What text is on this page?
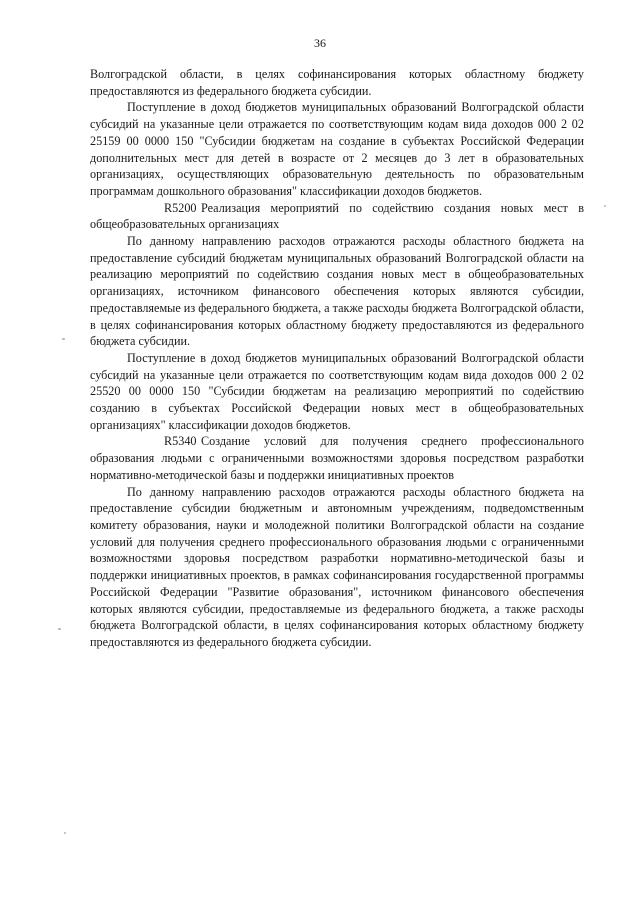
36

Волгоградской области, в целях софинансирования которых областному бюджету предоставляются из федерального бюджета субсидии.

Поступление в доход бюджетов муниципальных образований Волгоградской области субсидий на указанные цели отражается по соответствующим кодам вида доходов 000 2 02 25159 00 0000 150 "Субсидии бюджетам на создание в субъектах Российской Федерации дополнительных мест для детей в возрасте от 2 месяцев до 3 лет в образовательных организациях, осуществляющих образовательную деятельность по образовательным программам дошкольного образования" классификации доходов бюджетов.

R5200 Реализация мероприятий по содействию создания новых мест в общеобразовательных организациях

По данному направлению расходов отражаются расходы областного бюджета на предоставление субсидий бюджетам муниципальных образований Волгоградской области на реализацию мероприятий по содействию создания новых мест в общеобразовательных организациях, источником финансового обеспечения которых являются субсидии, предоставляемые из федерального бюджета, а также расходы бюджета Волгоградской области, в целях софинансирования которых областному бюджету предоставляются из федерального бюджета субсидии.

Поступление в доход бюджетов муниципальных образований Волгоградской области субсидий на указанные цели отражается по соответствующим кодам вида доходов 000 2 02 25520 00 0000 150 "Субсидии бюджетам на реализацию мероприятий по содействию созданию в субъектах Российской Федерации новых мест в общеобразовательных организациях" классификации доходов бюджетов.

R5340 Создание условий для получения среднего профессионального образования людьми с ограниченными возможностями здоровья посредством разработки нормативно-методической базы и поддержки инициативных проектов

По данному направлению расходов отражаются расходы областного бюджета на предоставление субсидии бюджетным и автономным учреждениям, подведомственным комитету образования, науки и молодежной политики Волгоградской области на создание условий для получения среднего профессионального образования людьми с ограниченными возможностями здоровья посредством разработки нормативно-методической базы и поддержки инициативных проектов, в рамках софинансирования государственной программы Российской Федерации "Развитие образования", источником финансового обеспечения которых являются субсидии, предоставляемые из федерального бюджета, а также расходы бюджета Волгоградской области, в целях софинансирования которых областному бюджету предоставляются из федерального бюджета субсидии.
